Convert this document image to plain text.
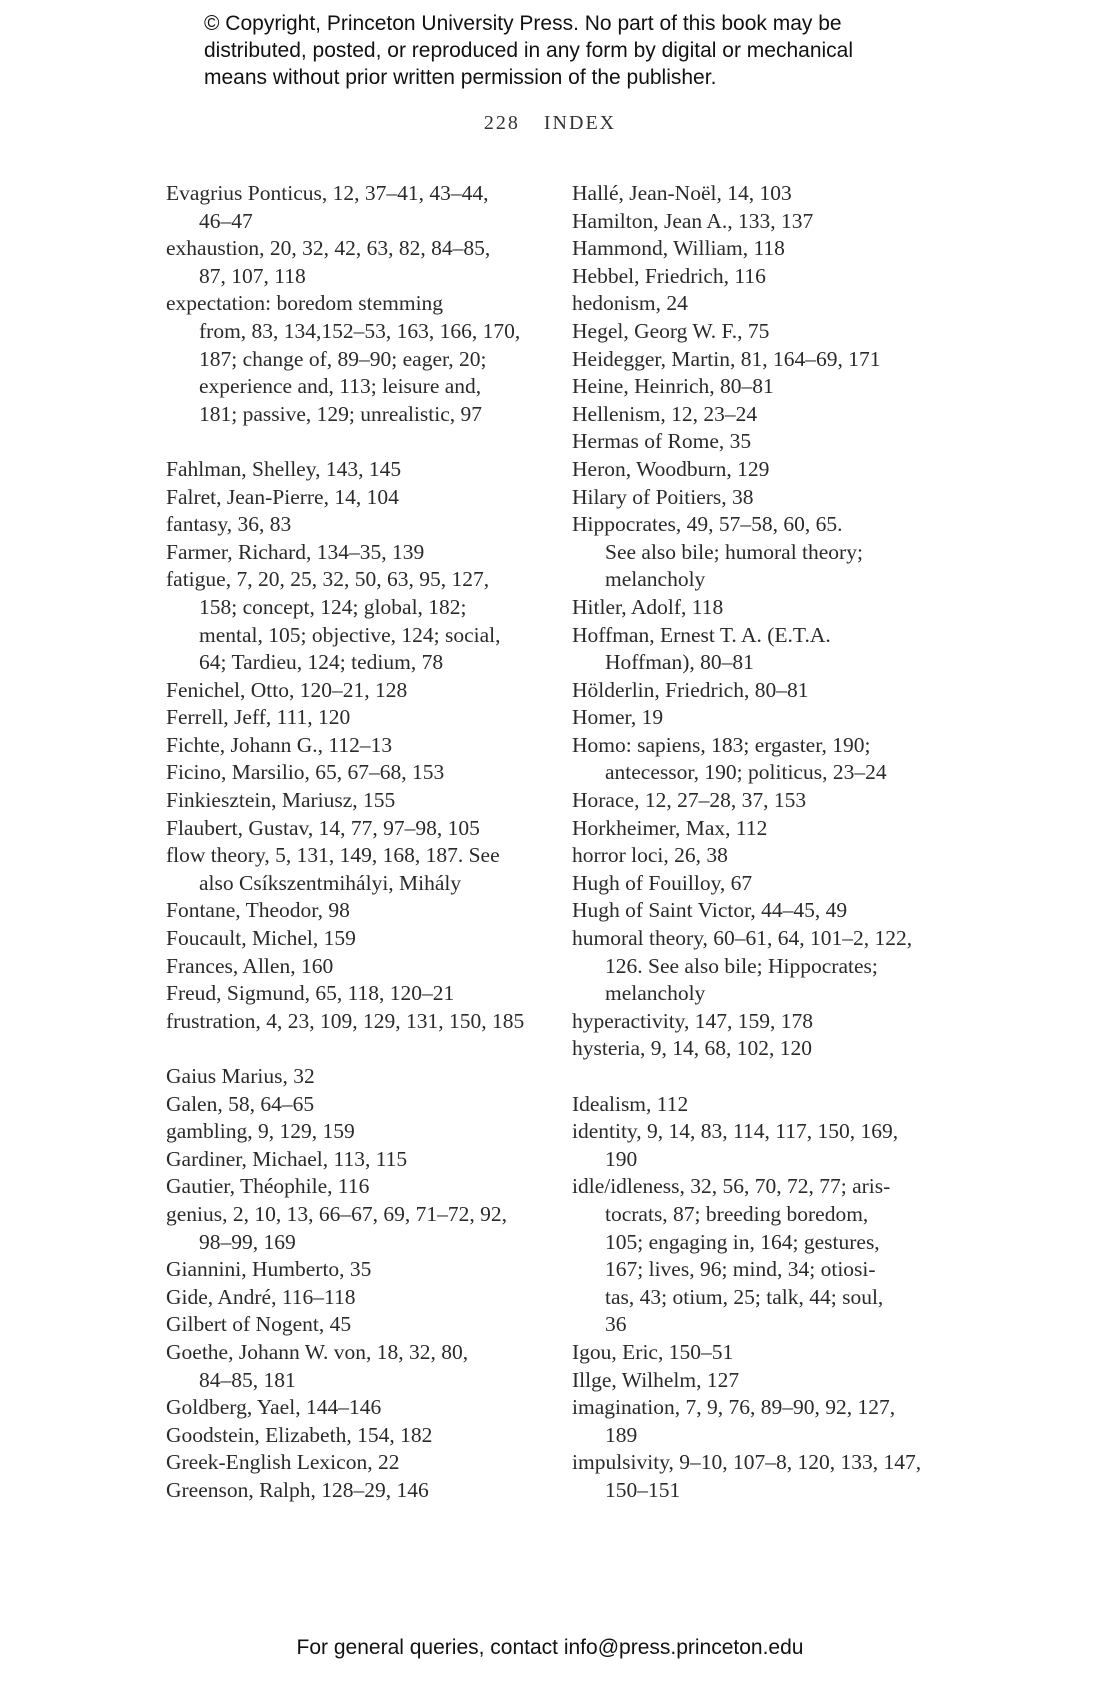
© Copyright, Princeton University Press. No part of this book may be
distributed, posted, or reproduced in any form by digital or mechanical
means without prior written permission of the publisher.
228 INDEX
Evagrius Ponticus, 12, 37–41, 43–44,
46–47
exhaustion, 20, 32, 42, 63, 82, 84–85,
87, 107, 118
expectation: boredom stemming
from, 83, 134,152–53, 163, 166, 170,
187; change of, 89–90; eager, 20;
experience and, 113; leisure and,
181; passive, 129; unrealistic, 97
Fahlman, Shelley, 143, 145
Falret, Jean-Pierre, 14, 104
fantasy, 36, 83
Farmer, Richard, 134–35, 139
fatigue, 7, 20, 25, 32, 50, 63, 95, 127,
158; concept, 124; global, 182;
mental, 105; objective, 124; social,
64; Tardieu, 124; tedium, 78
Fenichel, Otto, 120–21, 128
Ferrell, Jeff, 111, 120
Fichte, Johann G., 112–13
Ficino, Marsilio, 65, 67–68, 153
Finkiesztein, Mariusz, 155
Flaubert, Gustav, 14, 77, 97–98, 105
flow theory, 5, 131, 149, 168, 187. See
also Csíkszentmihályi, Mihály
Fontane, Theodor, 98
Foucault, Michel, 159
Frances, Allen, 160
Freud, Sigmund, 65, 118, 120–21
frustration, 4, 23, 109, 129, 131, 150, 185
Gaius Marius, 32
Galen, 58, 64–65
gambling, 9, 129, 159
Gardiner, Michael, 113, 115
Gautier, Théophile, 116
genius, 2, 10, 13, 66–67, 69, 71–72, 92,
98–99, 169
Giannini, Humberto, 35
Gide, André, 116–118
Gilbert of Nogent, 45
Goethe, Johann W. von, 18, 32, 80,
84–85, 181
Goldberg, Yael, 144–146
Goodstein, Elizabeth, 154, 182
Greek-English Lexicon, 22
Greenson, Ralph, 128–29, 146
Hallé, Jean-Noël, 14, 103
Hamilton, Jean A., 133, 137
Hammond, William, 118
Hebbel, Friedrich, 116
hedonism, 24
Hegel, Georg W. F., 75
Heidegger, Martin, 81, 164–69, 171
Heine, Heinrich, 80–81
Hellenism, 12, 23–24
Hermas of Rome, 35
Heron, Woodburn, 129
Hilary of Poitiers, 38
Hippocrates, 49, 57–58, 60, 65.
See also bile; humoral theory;
melancholy
Hitler, Adolf, 118
Hoffman, Ernest T. A. (E.T.A.
Hoffman), 80–81
Hölderlin, Friedrich, 80–81
Homer, 19
Homo: sapiens, 183; ergaster, 190;
antecessor, 190; politicus, 23–24
Horace, 12, 27–28, 37, 153
Horkheimer, Max, 112
horror loci, 26, 38
Hugh of Fouilloy, 67
Hugh of Saint Victor, 44–45, 49
humoral theory, 60–61, 64, 101–2, 122,
126. See also bile; Hippocrates;
melancholy
hyperactivity, 147, 159, 178
hysteria, 9, 14, 68, 102, 120
Idealism, 112
identity, 9, 14, 83, 114, 117, 150, 169,
190
idle/idleness, 32, 56, 70, 72, 77; aris-
tocrats, 87; breeding boredom,
105; engaging in, 164; gestures,
167; lives, 96; mind, 34; otiosi-
tas, 43; otium, 25; talk, 44; soul,
36
Igou, Eric, 150–51
Illge, Wilhelm, 127
imagination, 7, 9, 76, 89–90, 92, 127,
189
impulsivity, 9–10, 107–8, 120, 133, 147,
150–151
For general queries, contact info@press.princeton.edu
